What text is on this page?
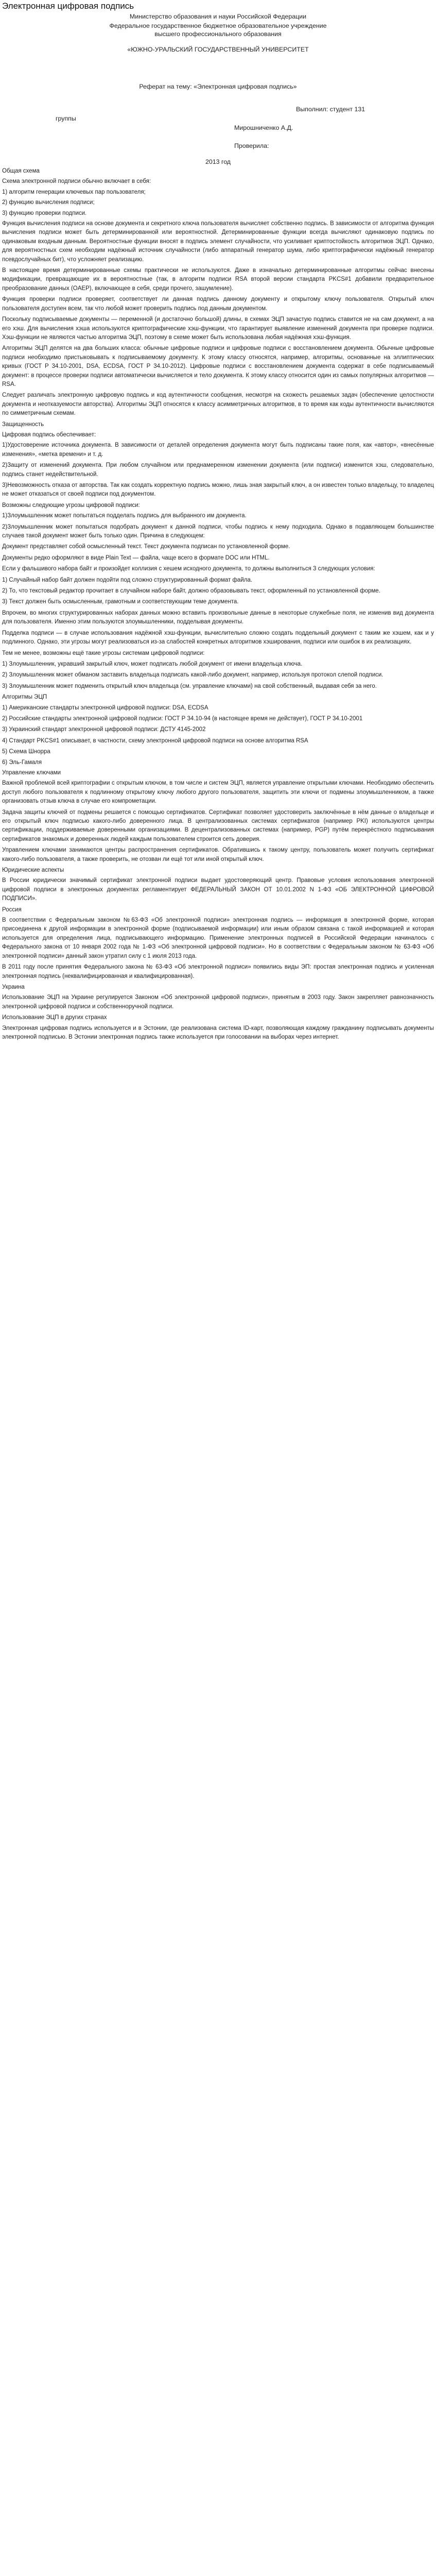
Электронная цифровая подпись
Министерство образования и науки Российской Федерации
Федеральное государственное бюджетное образовательное учреждение
высшего профессионального образования
«ЮЖНО-УРАЛЬСКИЙ ГОСУДАРСТВЕННЫЙ УНИВЕРСИТЕТ
Реферат на тему: «Электронная цифровая подпись»
Выполнил: студент 131
группы
Мирошниченко А.Д.
Проверила:
2013 год

Общая схема

Схема электронной подписи обычно включает в себя:

1) алгоритм генерации ключевых пар пользователя;

2) функцию вычисления подписи;

3) функцию проверки подписи.

Функция вычисления подписи на основе документа и секретного ключа пользователя вычисляет собственно подпись. В зависимости от алгоритма функция вычисления подписи может быть детерминированной или вероятностной. Детерминированные функции всегда вычисляют одинаковую подпись по одинаковым входным данным. Вероятностные функции вносят в подпись элемент случайности, что усиливает криптостойкость алгоритмов ЭЦП. Однако, для вероятностных схем необходим надёжный источник случайности (либо аппаратный генератор шума, либо криптографически надёжный генератор псевдослучайных бит), что усложняет реализацию.

В настоящее время детерминированные схемы практически не используются. Даже в изначально детерминированные алгоритмы сейчас внесены модификации, превращающие их в вероятностные (так, в алгоритм подписи RSA второй версии стандарта PKCS#1 добавили предварительное преобразование данных (OAEP), включающее в себя, среди прочего, зашумление).

Функция проверки подписи проверяет, соответствует ли данная подпись данному документу и открытому ключу пользователя. Открытый ключ пользователя доступен всем, так что любой может проверить подпись под данным документом.

Поскольку подписываемые документы — переменной (и достаточно большой) длины, в схемах ЭЦП зачастую подпись ставится не на сам документ, а на его хэш. Для вычисления хэша используются криптографические хэш-функции, что гарантирует выявление изменений документа при проверке подписи. Хэш-функции не являются частью алгоритма ЭЦП, поэтому в схеме может быть использована любая надёжная хэш-функция.

Алгоритмы ЭЦП делятся на два больших класса: обычные цифровые подписи и цифровые подписи с восстановлением документа. Обычные цифровые подписи необходимо пристыковывать к подписываемому документу. К этому классу относятся, например, алгоритмы, основанные на эллиптических кривых (ГОСТ Р 34.10-2001, DSA, ECDSA, ГОСТ Р 34.10-2012). Цифровые подписи с восстановлением документа содержат в себе подписываемый документ: в процессе проверки подписи автоматически вычисляется и тело документа. К этому классу относится один из самых популярных алгоритмов — RSA.

Следует различать электронную цифровую подпись и код аутентичности сообщения, несмотря на схожесть решаемых задач (обеспечение целостности документа и неотказуемости авторства). Алгоритмы ЭЦП относятся к классу асимметричных алгоритмов, в то время как коды аутентичности вычисляются по симметричным схемам.

Защищенность

Цифровая подпись обеспечивает:

1)Удостоверение источника документа. В зависимости от деталей определения документа могут быть подписаны такие поля, как «автор», «внесённые изменения», «метка времени» и т. д.

2)Защиту от изменений документа. При любом случайном или преднамеренном изменении документа (или подписи) изменится хэш, следовательно, подпись станет недействительной.

3)Невозможность отказа от авторства. Так как создать корректную подпись можно, лишь зная закрытый ключ, а он известен только владельцу, то владелец не может отказаться от своей подписи под документом.

Возможны следующие угрозы цифровой подписи:

1)Злоумышленник может попытаться подделать подпись для выбранного им документа.

2)Злоумышленник может попытаться подобрать документ к данной подписи, чтобы подпись к нему подходила. Однако в подавляющем большинстве случаев такой документ может быть только один. Причина в следующем:

Документ представляет собой осмысленный текст. Текст документа подписан по установленной форме.

Документы редко оформляют в виде Plain Text — файла, чаще всего в формате DOC или HTML.

Если у фальшивого набора байт и произойдет коллизия с хешем исходного документа, то должны выполниться 3 следующих условия:

1) Случайный набор байт должен подойти под сложно структурированный формат файла.

2) То, что текстовый редактор прочитает в случайном наборе байт, должно образовывать текст, оформленный по установленной форме.

3) Текст должен быть осмысленным, грамотным и соответствующим теме документа.

Впрочем, во многих структурированных наборах данных можно вставить произвольные данные в некоторые служебные поля, не изменив вид документа для пользователя. Именно этим пользуются злоумышленники, подделывая документы.

Подделка подписи — в случае использования надёжной хэш-функции, вычислительно сложно создать поддельный документ с таким же хэшем, как и у подлинного. Однако, эти угрозы могут реализоваться из-за слабостей конкретных алгоритмов хэширования, подписи или ошибок в их реализациях.

Тем не менее, возможны ещё такие угрозы системам цифровой подписи:

1) Злоумышленник, укравший закрытый ключ, может подписать любой документ от имени владельца ключа.

2) Злоумышленник может обманом заставить владельца подписать какой-либо документ, например, используя протокол слепой подписи.

3) Злоумышленник может подменить открытый ключ владельца (см. управление ключами) на свой собственный, выдавая себя за него.

Алгоритмы ЭЦП

1) Американские стандарты электронной цифровой подписи: DSA, ECDSA

2) Российские стандарты электронной цифровой подписи: ГОСТ Р 34.10-94 (в настоящее время не действует), ГОСТ Р 34.10-2001

3) Украинский стандарт электронной цифровой подписи: ДСТУ 4145-2002

4) Стандарт PKCS#1 описывает, в частности, схему электронной цифровой подписи на основе алгоритма RSA

5) Схема Шнорра

6) Эль-Гамаля

Управление ключами

Важной проблемой всей криптографии с открытым ключом, в том числе и систем ЭЦП, является управление открытыми ключами. Необходимо обеспечить доступ любого пользователя к подлинному открытому ключу любого другого пользователя, защитить эти ключи от подмены злоумышленником, а также организовать отзыв ключа в случае его компрометации.

Задача защиты ключей от подмены решается с помощью сертификатов. Сертификат позволяет удостоверить заключённые в нём данные о владельце и его открытый ключ подписью какого-либо доверенного лица. В централизованных системах сертификатов (например PKI) используются центры сертификации, поддерживаемые доверенными организациями. В децентрализованных системах (например, PGP) путём перекрёстного подписывания сертификатов знакомых и доверенных людей каждым пользователем строится сеть доверия.

Управлением ключами занимаются центры распространения сертификатов. Обратившись к такому центру, пользователь может получить сертификат какого-либо пользователя, а также проверить, не отозван ли ещё тот или иной открытый ключ.

Юридические аспекты

В России юридически значимый сертификат электронной подписи выдает удостоверяющий центр. Правовые условия использования электронной цифровой подписи в электронных документах регламентирует ФЕДЕРАЛЬНЫЙ ЗАКОН ОТ 10.01.2002 N 1-ФЗ «ОБ ЭЛЕКТРОННОЙ ЦИФРОВОЙ ПОДПИСИ».

Россия

В соответствии с Федеральным законом №63-ФЗ «Об электронной подписи» электронная подпись — информация в электронной форме, которая присоединена к другой информации в электронной форме (подписываемой информации) или иным образом связана с такой информацией и которая используется для определения лица, подписывающего информацию. Применение электронных подписей в Российской Федерации начиналось с Федерального закона от 10 января 2002 года № 1-ФЗ «Об электронной цифровой подписи». Но в соответствии с Федеральным законом № 63-ФЗ «Об электронной подписи» данный закон утратил силу с 1 июля 2013 года.

В 2011 году после принятия Федерального закона № 63-ФЗ «Об электронной подписи» появились виды ЭП: простая электронная подпись и усиленная электронная подпись (неквалифицированная и квалифицированная).

Украина

Использование ЭЦП на Украине регулируется Законом «Об электронной цифровой подписи», принятым в 2003 году. Закон закрепляет равнозначность электронной цифровой подписи и собственноручной подписи.

Использование ЭЦП в других странах

Электронная цифровая подпись используется и в Эстонии, где реализована система ID-карт, позволяющая каждому гражданину подписывать документы электронной подписью. В Эстонии электронная подпись также используется при голосовании на выборах через интернет.
